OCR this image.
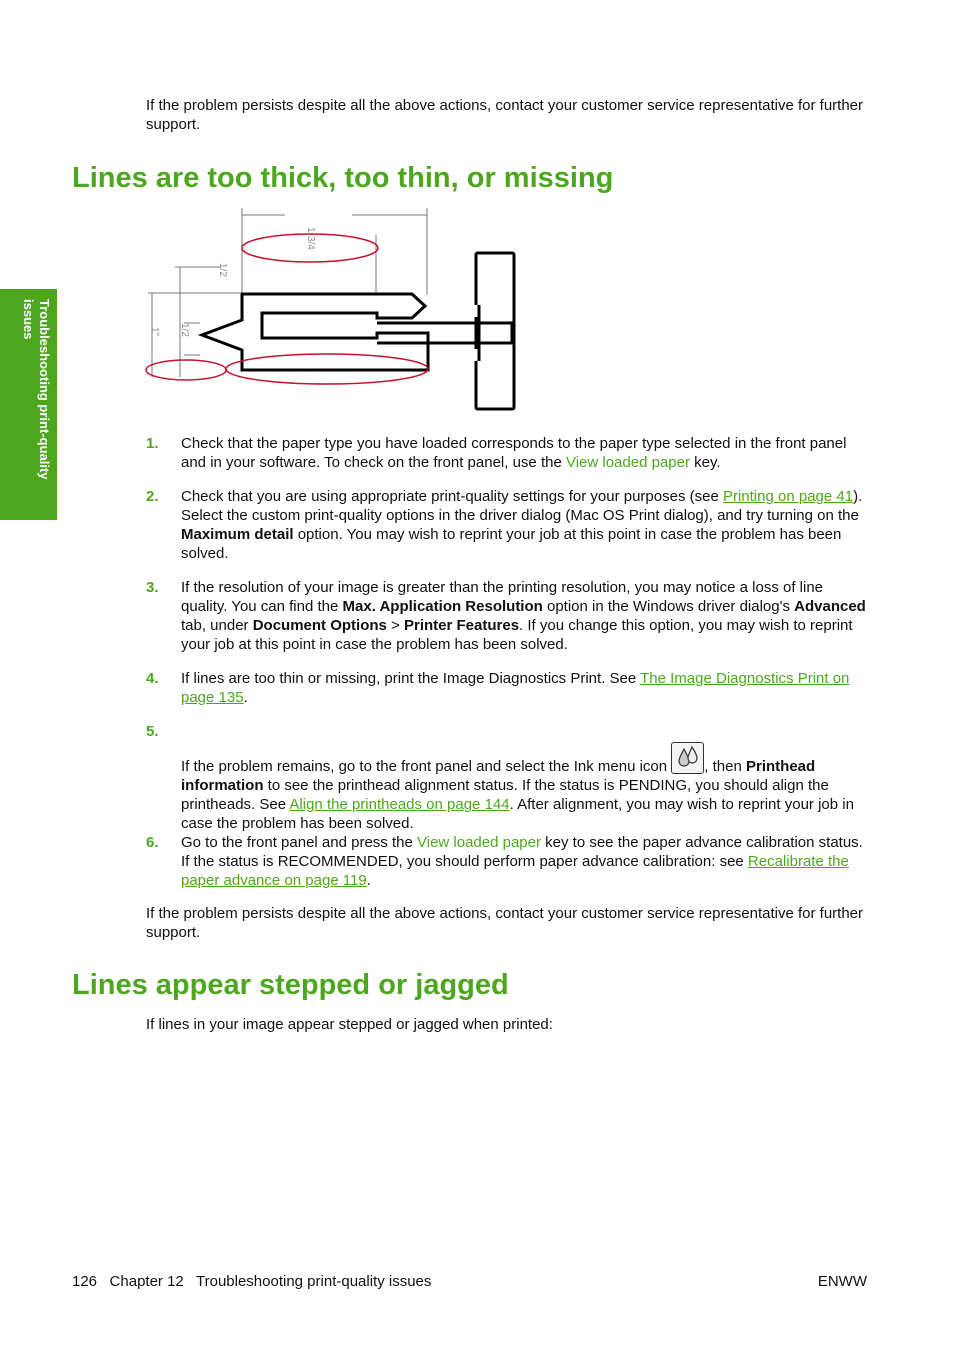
Troubleshooting print-quality issues

If the problem persists despite all the above actions, contact your customer service representative for further support.

Lines are too thick, too thin, or missing
1-3/4
1/2
1" 1/2
1. Check that the paper type you have loaded corresponds to the paper type selected in the front panel and in your software. To check on the front panel, use the View loaded paper key.
2. Check that you are using appropriate print-quality settings for your purposes (see Printing on page 41). Select the custom print-quality options in the driver dialog (Mac OS Print dialog), and try turning on the Maximum detail option. You may wish to reprint your job at this point in case the problem has been solved.
3. If the resolution of your image is greater than the printing resolution, you may notice a loss of line quality. You can find the Max. Application Resolution option in the Windows driver dialog's Advanced tab, under Document Options > Printer Features. If you change this option, you may wish to reprint your job at this point in case the problem has been solved.
4. If lines are too thin or missing, print the Image Diagnostics Print. See The Image Diagnostics Print on page 135.
5.
If the problem remains, go to the front panel and select the Ink menu icon
, then Printhead information to see the printhead alignment status. If the status is PENDING, you should align the printheads. See Align the printheads on page 144. After alignment, you may wish to reprint your job in case the problem has been solved.
6. Go to the front panel and press the View loaded paper key to see the paper advance calibration status. If the status is RECOMMENDED, you should perform paper advance calibration: see Recalibrate the paper advance on page 119.

If the problem persists despite all the above actions, contact your customer service representative for further support.

Lines appear stepped or jagged

If lines in your image appear stepped or jagged when printed:

126 Chapter 12 Troubleshooting print-quality issues	ENWW
